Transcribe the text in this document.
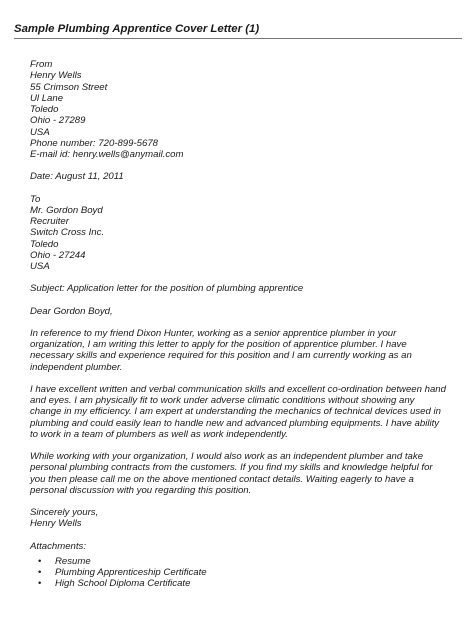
Sample Plumbing Apprentice Cover Letter (1)
From
Henry Wells
55 Crimson Street
Ul Lane
Toledo
Ohio - 27289
USA
Phone number: 720-899-5678
E-mail id: henry.wells@anymail.com
Date: August 11, 2011
To
Mr. Gordon Boyd
Recruiter
Switch Cross Inc.
Toledo
Ohio - 27244
USA
Subject: Application letter for the position of plumbing apprentice
Dear Gordon Boyd,
In reference to my friend Dixon Hunter, working as a senior apprentice plumber in your
organization, I am writing this letter to apply for the position of apprentice plumber. I have
necessary skills and experience required for this position and I am currently working as an
independent plumber.
I have excellent written and verbal communication skills and excellent co-ordination between hand
and eyes. I am physically fit to work under adverse climatic conditions without showing any
change in my efficiency. I am expert at understanding the mechanics of technical devices used in
plumbing and could easily lean to handle new and advanced plumbing equipments. I have ability
to work in a team of plumbers as well as work independently.
While working with your organization, I would also work as an independent plumber and take
personal plumbing contracts from the customers. If you find my skills and knowledge helpful for
you then please call me on the above mentioned contact details. Waiting eagerly to have a
personal discussion with you regarding this position.
Sincerely yours,
Henry Wells
Attachments:
• Resume
• Plumbing Apprenticeship Certificate
• High School Diploma Certificate
